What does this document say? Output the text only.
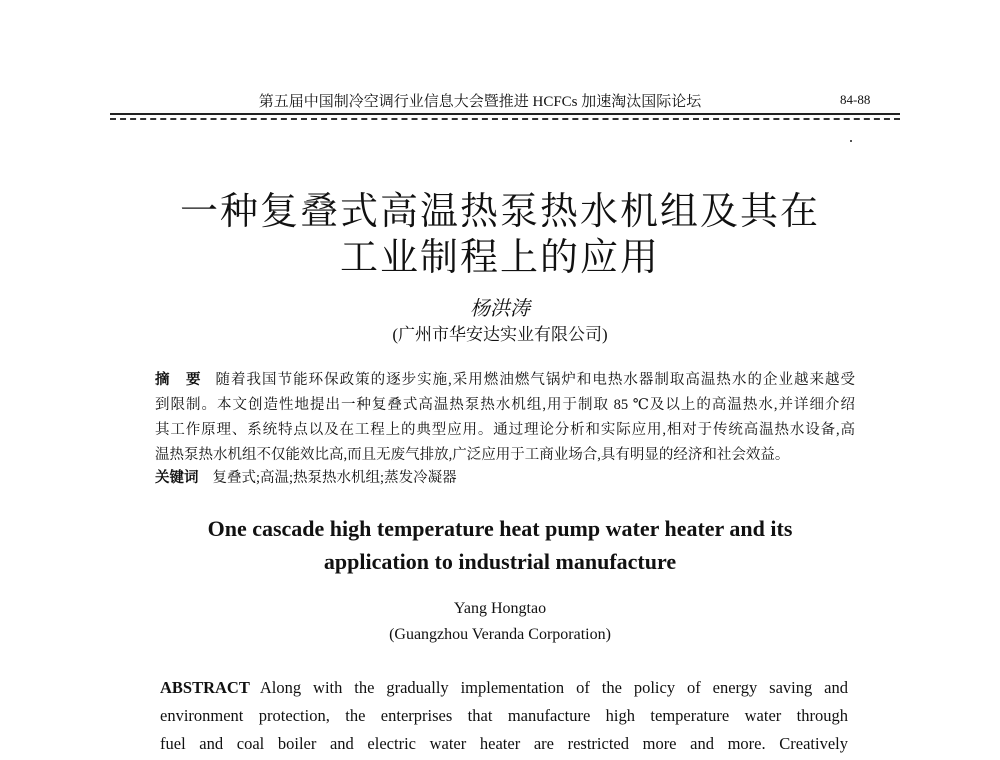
第五届中国制冷空调行业信息大会暨推进 HCFCs 加速淘汰国际论坛	84-88
一种复叠式高温热泵热水机组及其在
工业制程上的应用
杨洪涛
(广州市华安达实业有限公司)
摘　要 随着我国节能环保政策的逐步实施,采用燃油燃气锅炉和电热水器制取高温热水的企业越来越受
到限制。本文创造性地提出一种复叠式高温热泵热水机组,用于制取 85 ℃及以上的高温热水,并详细介绍
其工作原理、系统特点以及在工程上的典型应用。通过理论分析和实际应用,相对于传统高温热水设备,高
温热泵热水机组不仅能效比高,而且无废气排放,广泛应用于工商业场合,具有明显的经济和社会效益。
关键词 复叠式;高温;热泵热水机组;蒸发冷凝器
One cascade high temperature heat pump water heater and its
application to industrial manufacture
Yang Hongtao
(Guangzhou Veranda Corporation)
ABSTRACT Along with the gradually implementation of the policy of energy saving and
environment protection, the enterprises that manufacture high temperature water through
fuel and coal boiler and electric water heater are restricted more and more. Creatively
